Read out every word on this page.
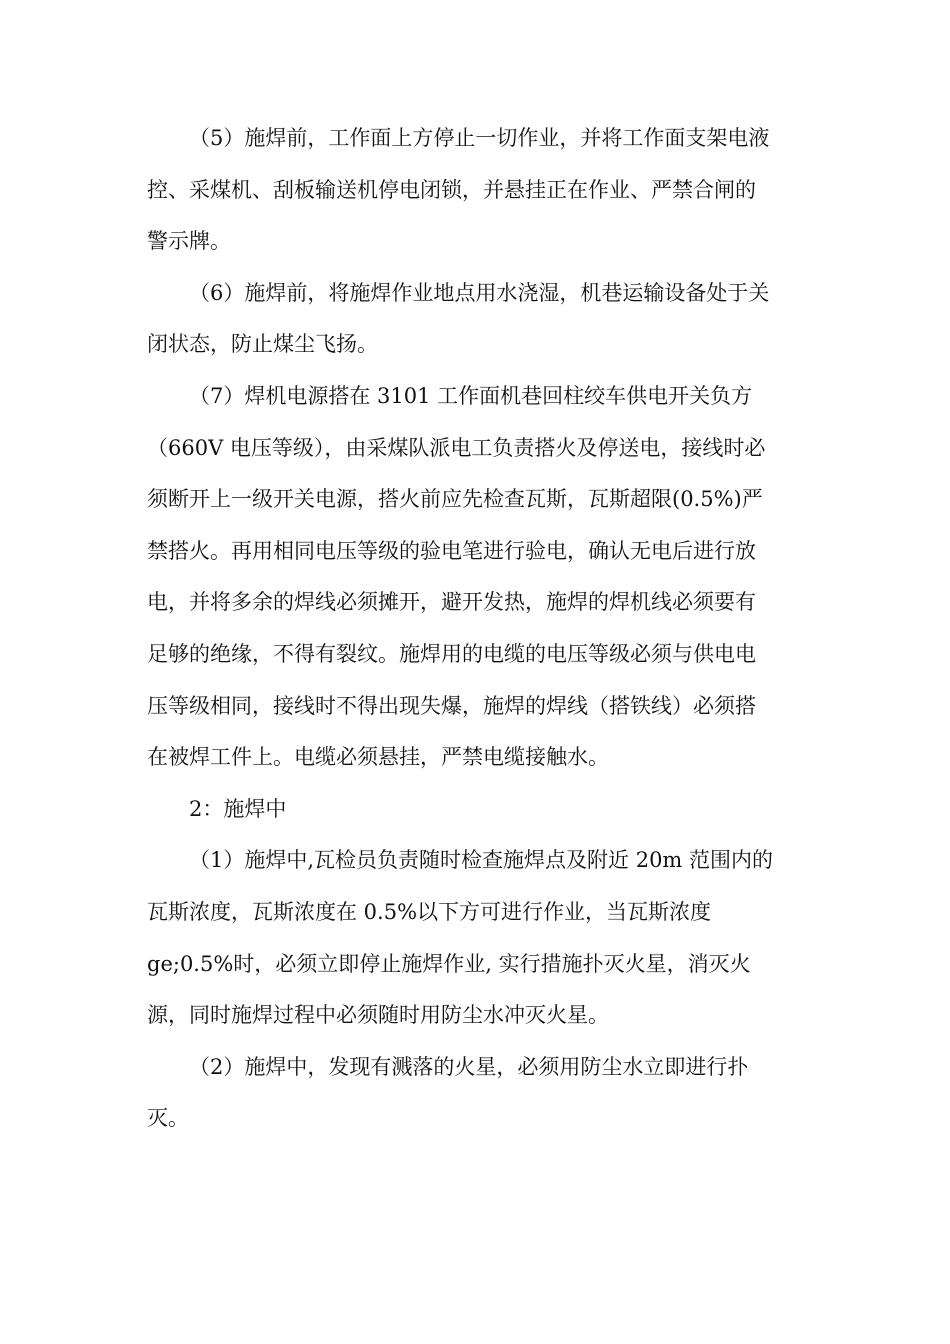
（5）施焊前，工作面上方停止一切作业，并将工作面支架电液
控、采煤机、刮板输送机停电闭锁，并悬挂正在作业、严禁合闸的
警示牌。
（6）施焊前，将施焊作业地点用水浇湿，机巷运输设备处于关
闭状态，防止煤尘飞扬。
（7）焊机电源搭在 3101 工作面机巷回柱绞车供电开关负方
（660V 电压等级），由采煤队派电工负责搭火及停送电，接线时必
须断开上一级开关电源，搭火前应先检查瓦斯，瓦斯超限(0.5%)严
禁搭火。再用相同电压等级的验电笔进行验电，确认无电后进行放
电，并将多余的焊线必须摊开，避开发热，施焊的焊机线必须要有
足够的绝缘，不得有裂纹。施焊用的电缆的电压等级必须与供电电
压等级相同，接线时不得出现失爆，施焊的焊线（搭铁线）必须搭
在被焊工件上。电缆必须悬挂，严禁电缆接触水。
2：施焊中
（1）施焊中,瓦检员负责随时检查施焊点及附近 20m 范围内的
瓦斯浓度，瓦斯浓度在 0.5%以下方可进行作业，当瓦斯浓度
ge;0.5%时，必须立即停止施焊作业, 实行措施扑灭火星，消灭火
源，同时施焊过程中必须随时用防尘水冲灭火星。
（2）施焊中，发现有溅落的火星，必须用防尘水立即进行扑
灭。
